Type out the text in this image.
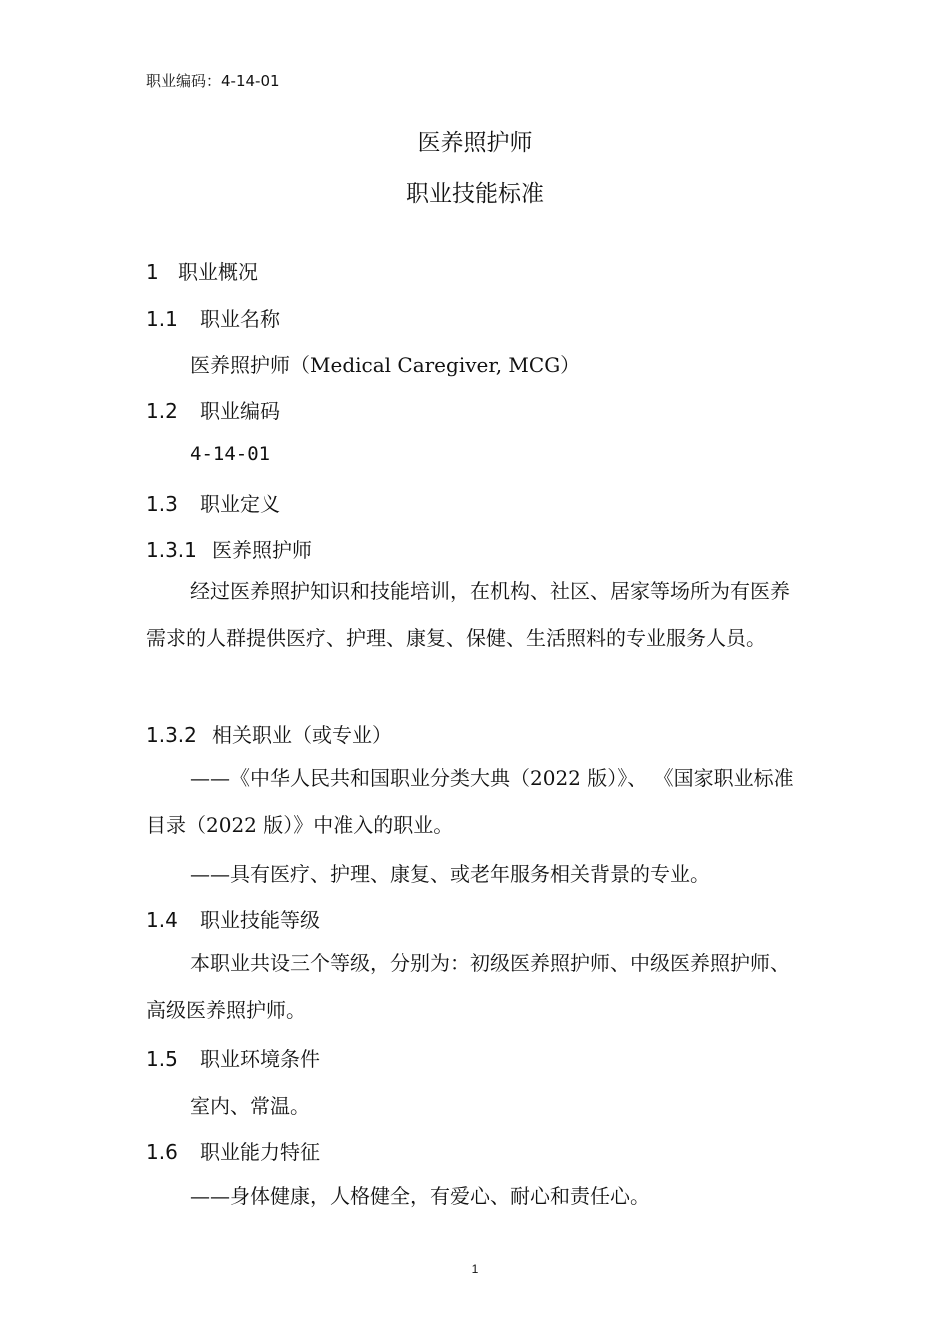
职业编码：4-14-01
医养照护师
职业技能标准
1 职业概况
1.1 职业名称
医养照护师（Medical Caregiver, MCG）
1.2 职业编码
4-14-01
1.3 职业定义
1.3.1 医养照护师
经过医养照护知识和技能培训，在机构、社区、居家等场所为有医养需求的人群提供医疗、护理、康复、保健、生活照料的专业服务人员。
1.3.2 相关职业（或专业）
——《中华人民共和国职业分类大典（2022 版）》、 《国家职业标准目录（2022 版）》中准入的职业。
——具有医疗、护理、康复、或老年服务相关背景的专业。
1.4 职业技能等级
本职业共设三个等级，分别为：初级医养照护师、中级医养照护师、高级医养照护师。
1.5 职业环境条件
室内、常温。
1.6 职业能力特征
——身体健康，人格健全，有爱心、耐心和责任心。
1
